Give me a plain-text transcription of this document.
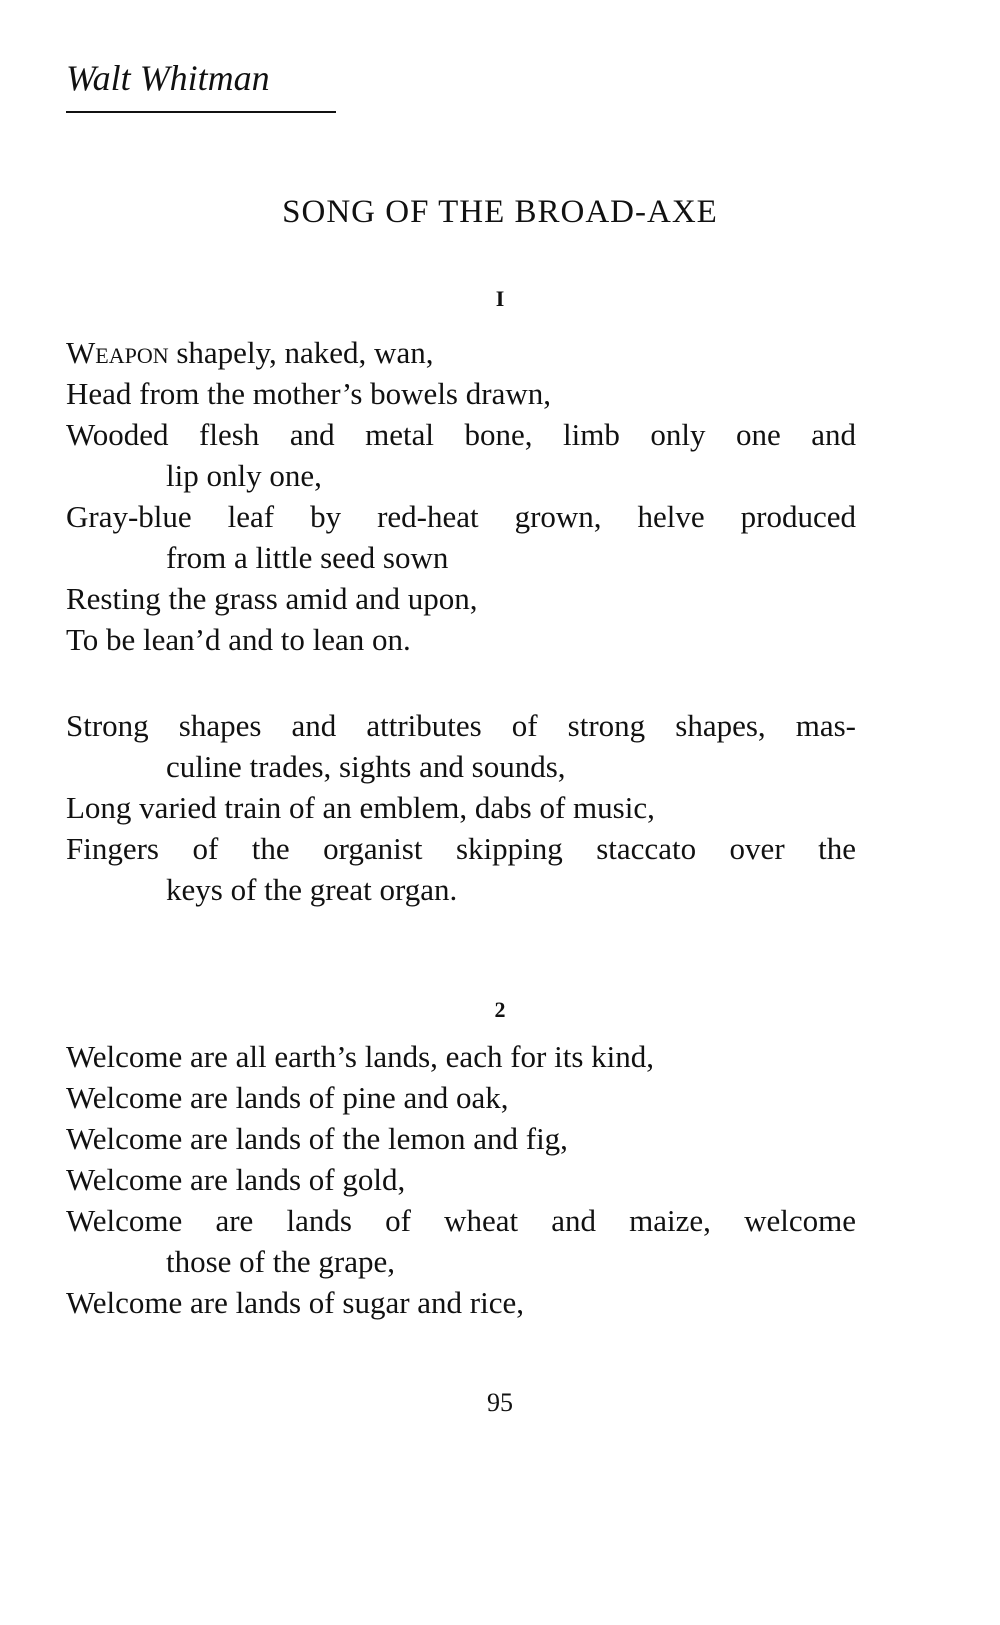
Walt Whitman
SONG OF THE BROAD-AXE
I
Weapon shapely, naked, wan,
Head from the mother’s bowels drawn,
Wooded flesh and metal bone, limb only one and
lip only one,
Gray-blue leaf by red-heat grown, helve produced
from a little seed sown
Resting the grass amid and upon,
To be lean’d and to lean on.
Strong shapes and attributes of strong shapes, mas-
culine trades, sights and sounds,
Long varied train of an emblem, dabs of music,
Fingers of the organist skipping staccato over the
keys of the great organ.
2
Welcome are all earth’s lands, each for its kind,
Welcome are lands of pine and oak,
Welcome are lands of the lemon and fig,
Welcome are lands of gold,
Welcome are lands of wheat and maize, welcome
those of the grape,
Welcome are lands of sugar and rice,
95
